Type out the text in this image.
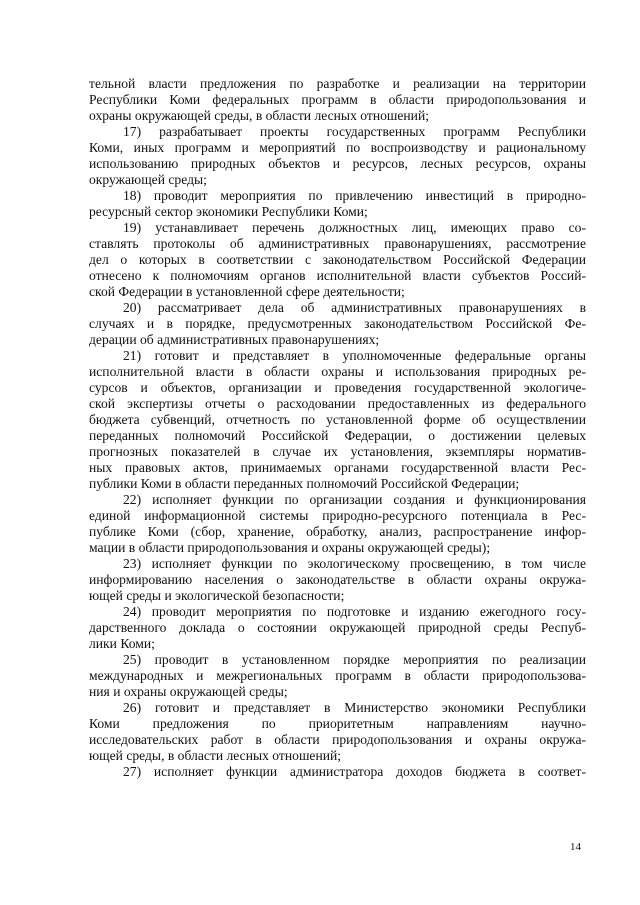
тельной власти предложения по разработке и реализации на территории
Республики Коми федеральных программ в области природопользования и
охраны окружающей среды, в области лесных отношений;
17) разрабатывает проекты государственных программ Республики
Коми, иных программ и мероприятий по воспроизводству и рациональному
использованию природных объектов и ресурсов, лесных ресурсов, охраны
окружающей среды;
18) проводит мероприятия по привлечению инвестиций в природно-
ресурсный сектор экономики Республики Коми;
19) устанавливает перечень должностных лиц, имеющих право со-
ставлять протоколы об административных правонарушениях, рассмотрение
дел о которых в соответствии с законодательством Российской Федерации
отнесено к полномочиям органов исполнительной власти субъектов Россий-
ской Федерации в установленной сфере деятельности;
20) рассматривает дела об административных правонарушениях в
случаях и в порядке, предусмотренных законодательством Российской Фе-
дерации об административных правонарушениях;
21) готовит и представляет в уполномоченные федеральные органы
исполнительной власти в области охраны и использования природных ре-
сурсов и объектов, организации и проведения государственной экологиче-
ской экспертизы отчеты о расходовании предоставленных из федерального
бюджета субвенций, отчетность по установленной форме об осуществлении
переданных полномочий Российской Федерации, о достижении целевых
прогнозных показателей в случае их установления, экземпляры норматив-
ных правовых актов, принимаемых органами государственной власти Рес-
публики Коми в области переданных полномочий Российской Федерации;
22) исполняет функции по организации создания и функционирования
единой информационной системы природно-ресурсного потенциала в Рес-
публике Коми (сбор, хранение, обработку, анализ, распространение инфор-
мации в области природопользования и охраны окружающей среды);
23) исполняет функции по экологическому просвещению, в том числе
информированию населения о законодательстве в области охраны окружа-
ющей среды и экологической безопасности;
24) проводит мероприятия по подготовке и изданию ежегодного госу-
дарственного доклада о состоянии окружающей природной среды Респуб-
лики Коми;
25) проводит в установленном порядке мероприятия по реализации
международных и межрегиональных программ в области природопользова-
ния и охраны окружающей среды;
26) готовит и представляет в Министерство экономики Республики
Коми предложения по приоритетным направлениям научно-
исследовательских работ в области природопользования и охраны окружа-
ющей среды, в области лесных отношений;
27) исполняет функции администратора доходов бюджета в соответ-
14
